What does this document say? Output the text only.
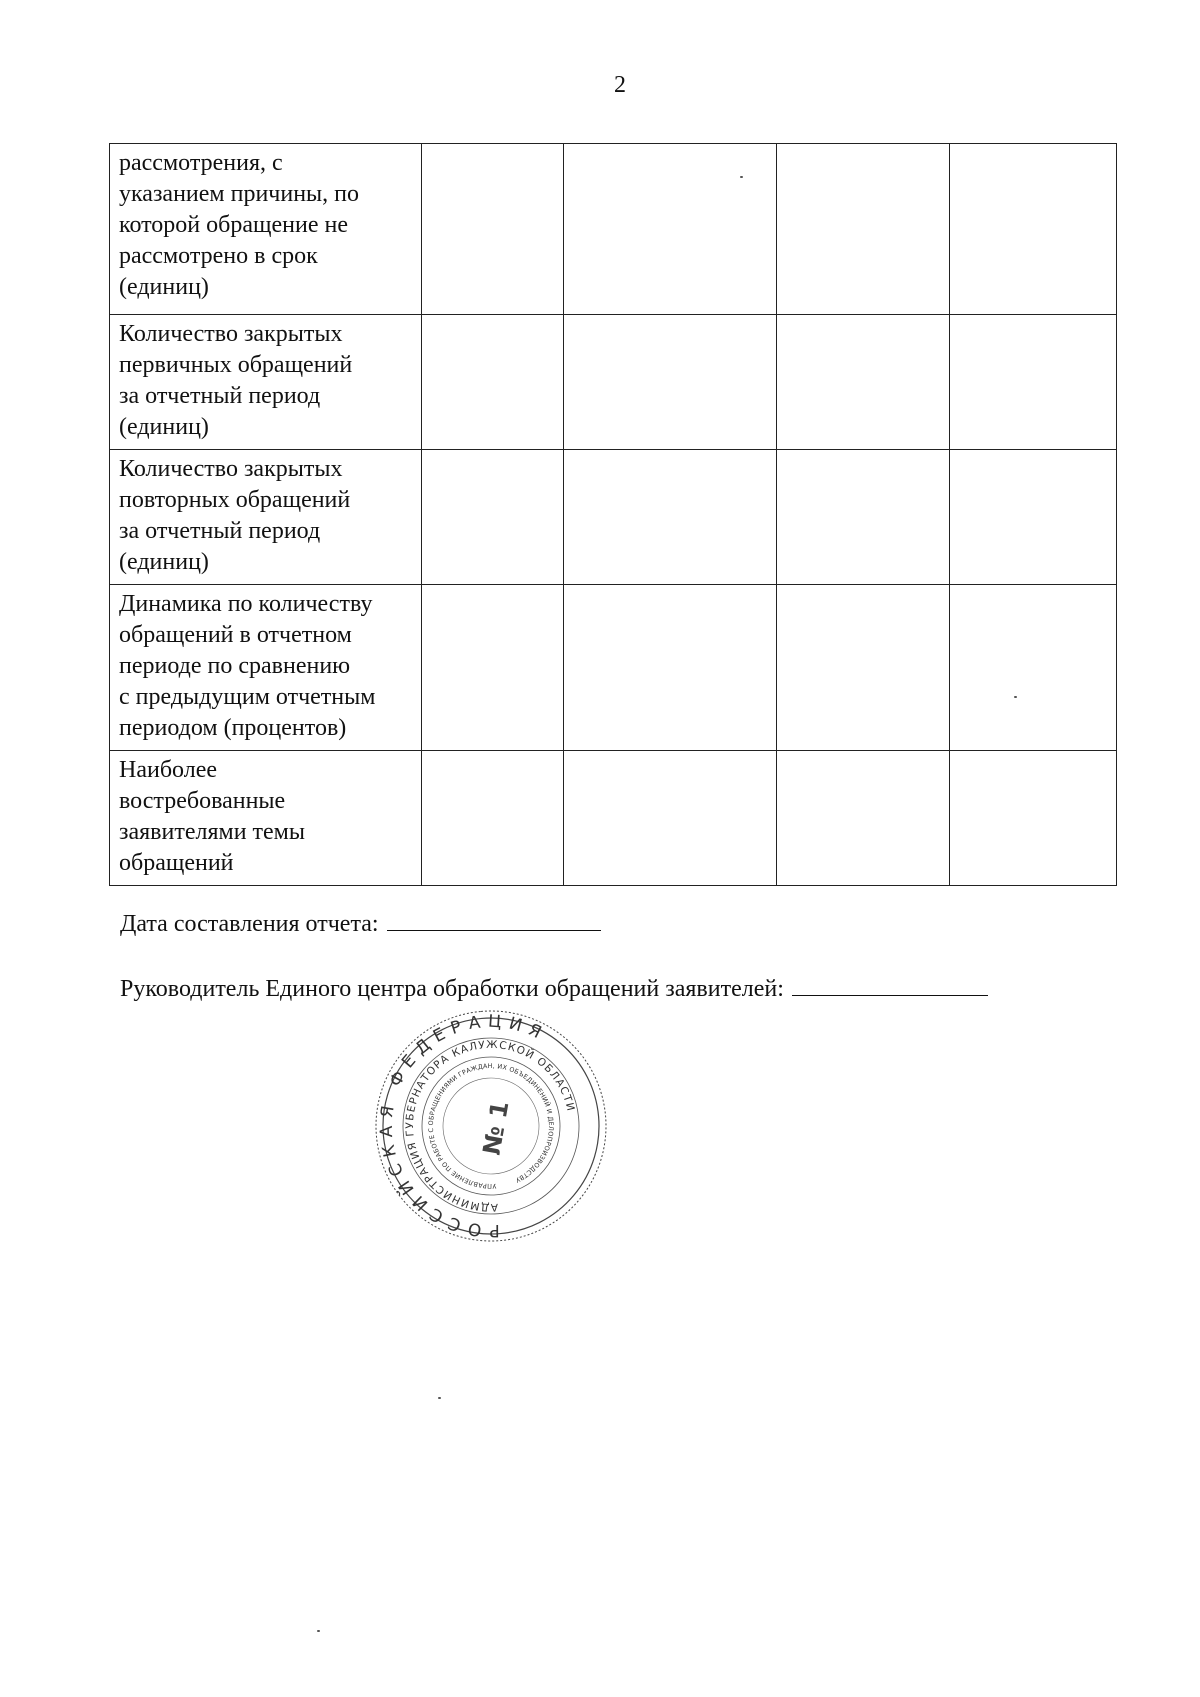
2
рассмотрения, с
указанием причины, по
которой обращение не
рассмотрено в срок
(единиц)				

Количество закрытых
первичных обращений
за отчетный период
(единиц)				

Количество закрытых
повторных обращений
за отчетный период
(единиц)				

Динамика по количеству
обращений в отчетном
периоде по сравнению
с предыдущим отчетным
периодом (процентов)				

Наиболее
востребованные
заявителями темы
обращений				

Дата составления отчета:
Руководитель Единого центра обработки обращений заявителей:
РОССИЙСКАЯ ФЕДЕРАЦИЯ
АДМИНИСТРАЦИЯ ГУБЕРНАТОРА КАЛУЖСКОЙ ОБЛАСТИ
УПРАВЛЕНИЕ ПО РАБОТЕ С ОБРАЩЕНИЯМИ ГРАЖДАН, ИХ ОБЪЕДИНЕНИЙ И ДЕЛОПРОИЗВОДСТВУ
№ 1
